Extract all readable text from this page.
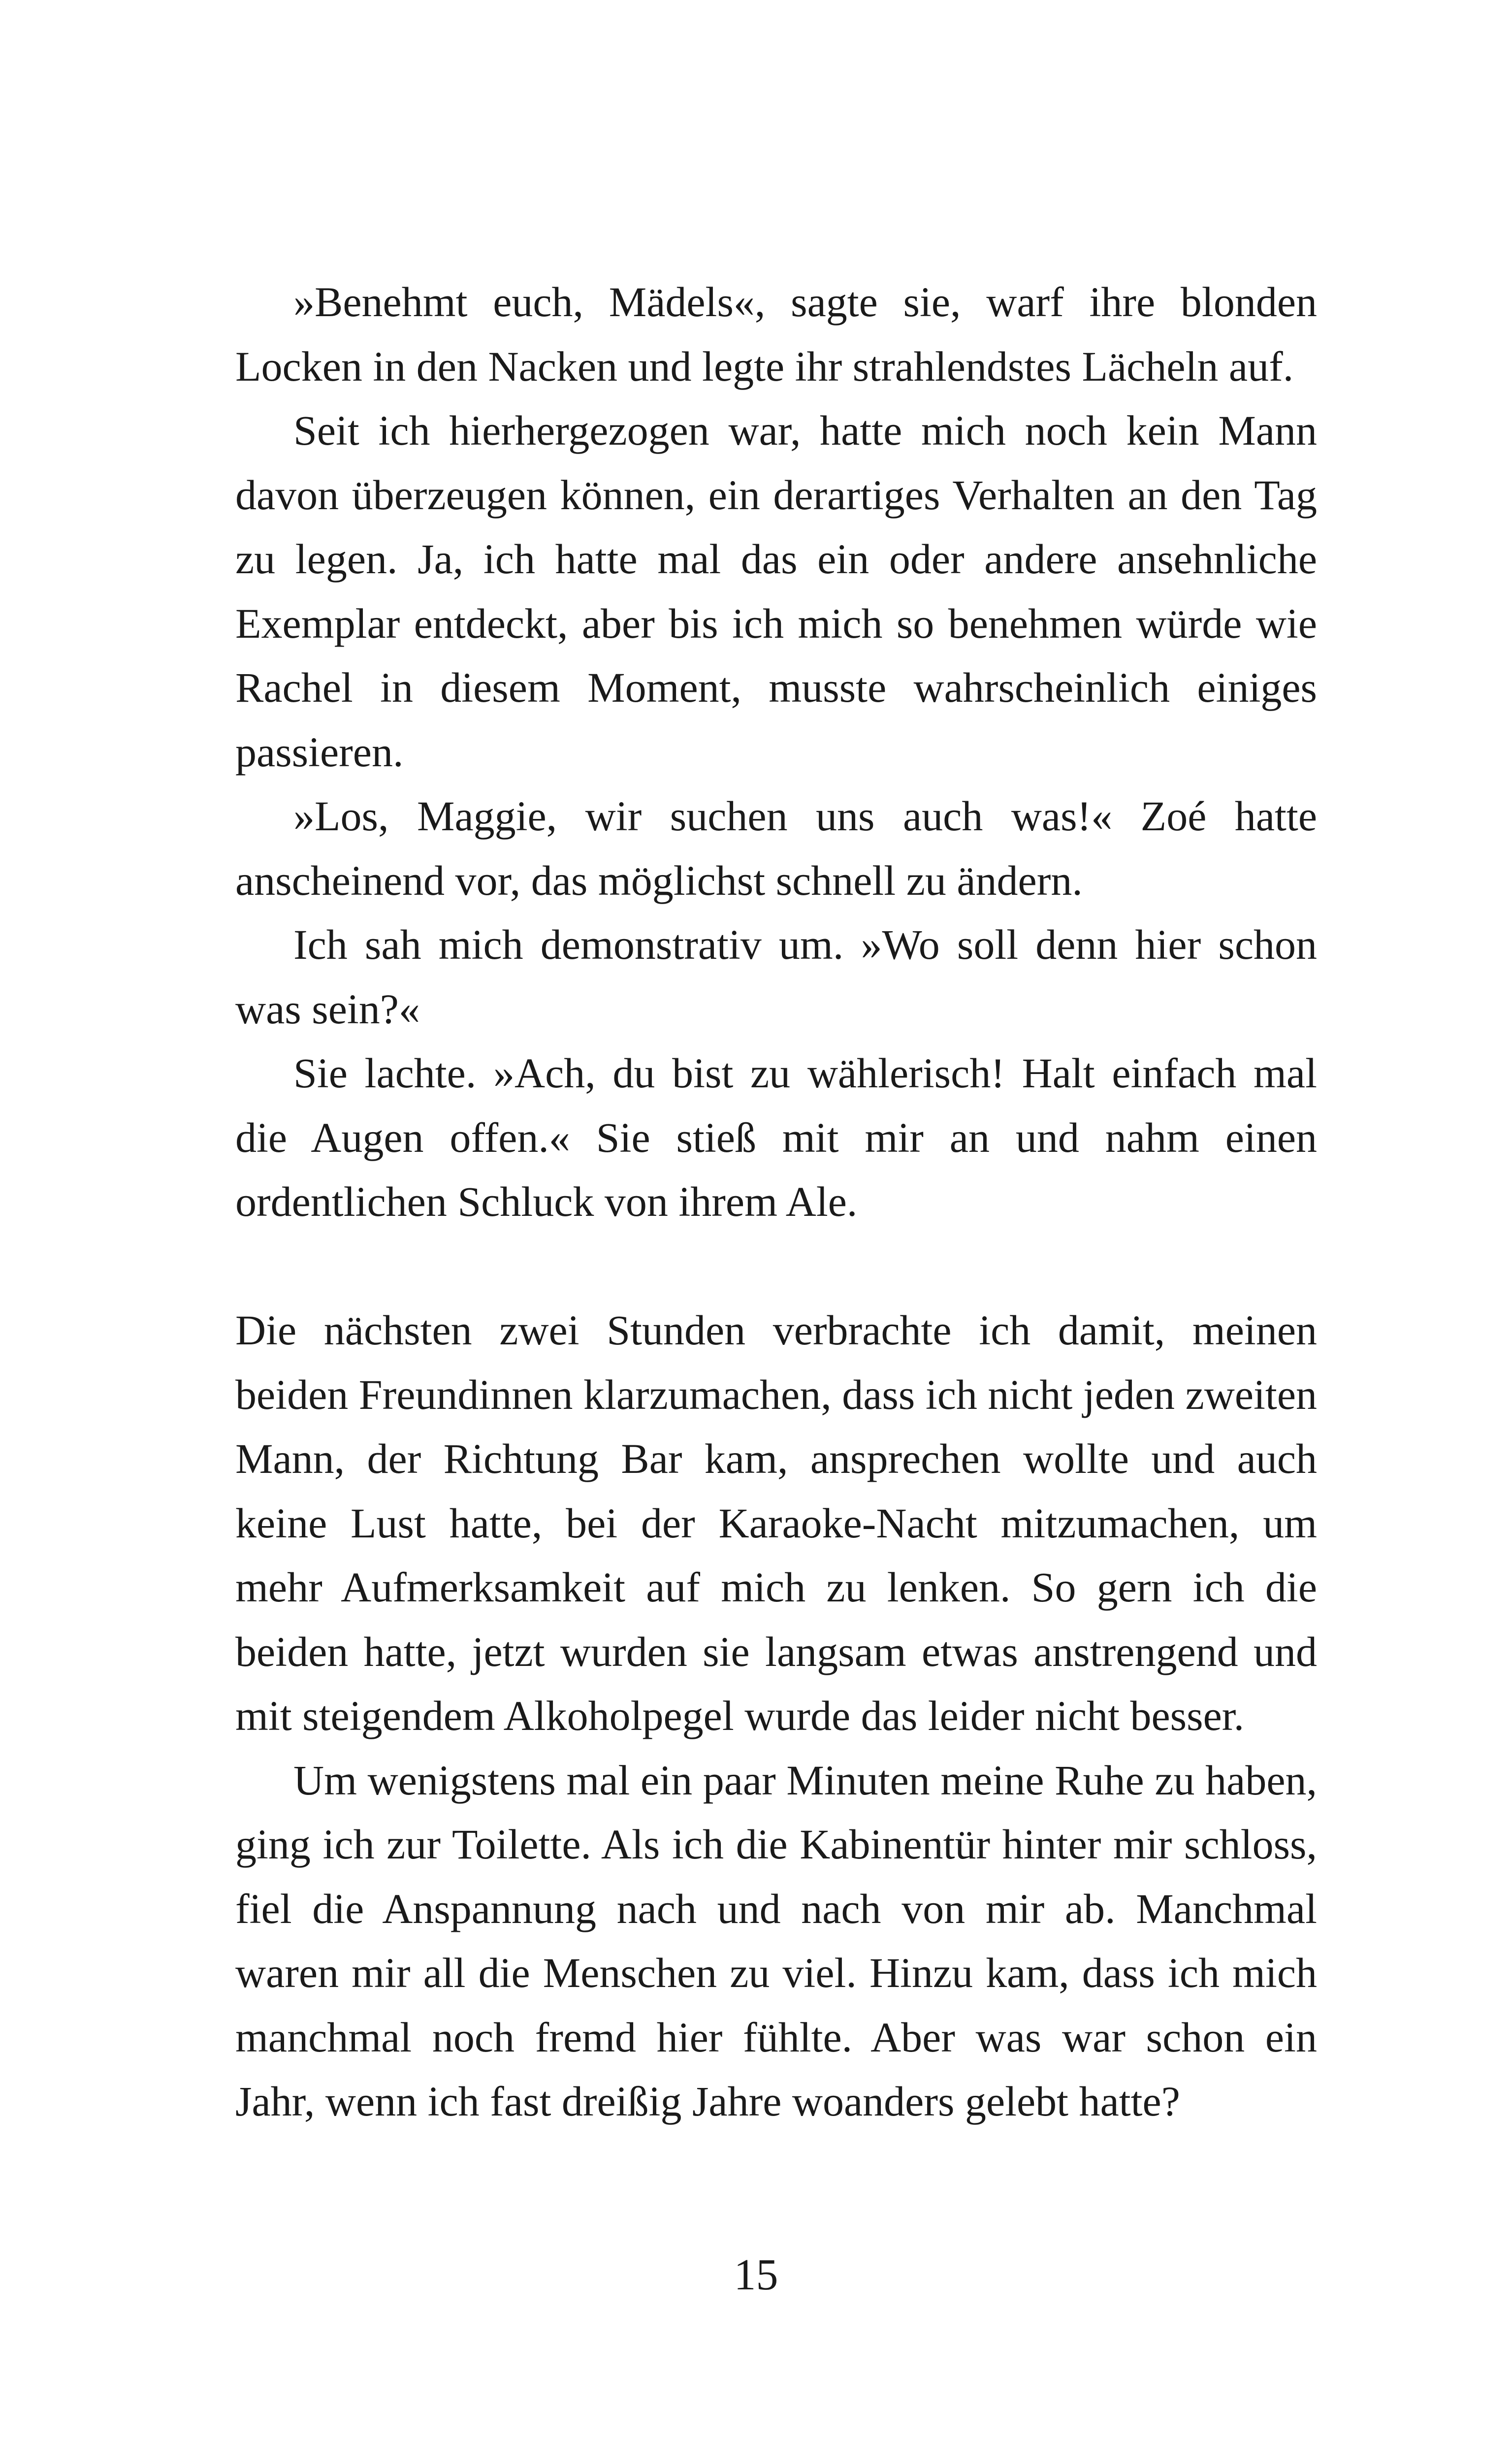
»Benehmt euch, Mädels«, sagte sie, warf ihre blonden Locken in den Nacken und legte ihr strahlendstes Lächeln auf.

Seit ich hierhergezogen war, hatte mich noch kein Mann davon überzeugen können, ein derartiges Verhalten an den Tag zu legen. Ja, ich hatte mal das ein oder andere ansehnliche Exemplar entdeckt, aber bis ich mich so benehmen würde wie Rachel in diesem Moment, musste wahrscheinlich einiges passieren.

»Los, Maggie, wir suchen uns auch was!« Zoé hatte anscheinend vor, das möglichst schnell zu ändern.

Ich sah mich demonstrativ um. »Wo soll denn hier schon was sein?«

Sie lachte. »Ach, du bist zu wählerisch! Halt einfach mal die Augen offen.« Sie stieß mit mir an und nahm einen ordentlichen Schluck von ihrem Ale.

Die nächsten zwei Stunden verbrachte ich damit, meinen beiden Freundinnen klarzumachen, dass ich nicht jeden zweiten Mann, der Richtung Bar kam, ansprechen wollte und auch keine Lust hatte, bei der Karaoke-Nacht mitzumachen, um mehr Aufmerksamkeit auf mich zu lenken. So gern ich die beiden hatte, jetzt wurden sie langsam etwas anstrengend und mit steigendem Alkoholpegel wurde das leider nicht besser.

Um wenigstens mal ein paar Minuten meine Ruhe zu haben, ging ich zur Toilette. Als ich die Kabinentür hinter mir schloss, fiel die Anspannung nach und nach von mir ab. Manchmal waren mir all die Menschen zu viel. Hinzu kam, dass ich mich manchmal noch fremd hier fühlte. Aber was war schon ein Jahr, wenn ich fast dreißig Jahre woanders gelebt hatte?

15
